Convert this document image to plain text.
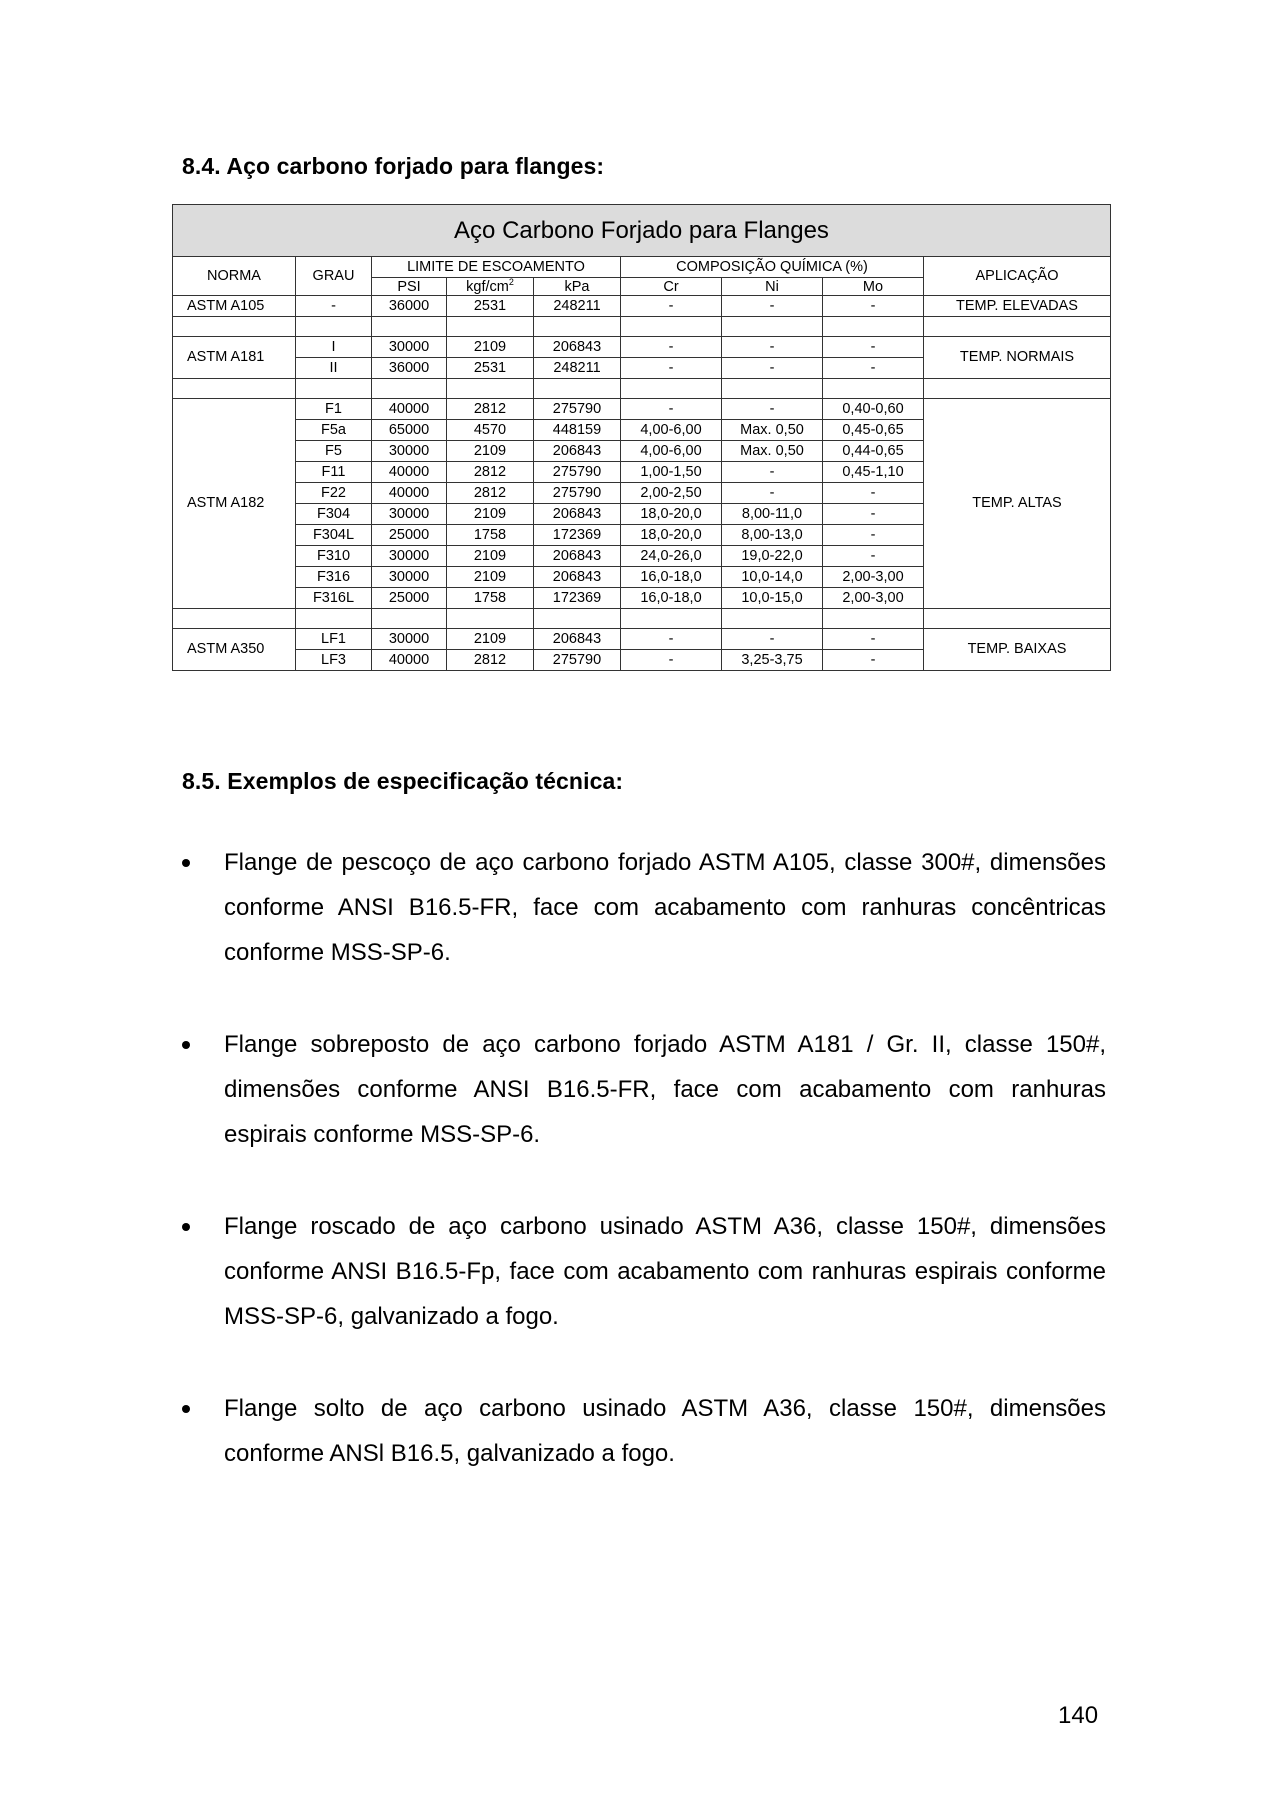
8.4. Aço carbono forjado para flanges:
Aço Carbono Forjado para Flanges								
NORMA	GRAU	LIMITE DE ESCOAMENTO			COMPOSIÇÃO QUÍMICA (%)			APLICAÇÃO
		PSI	kgf/$cm^2$	kPa	Cr	Ni	Mo	
ASTM A105	-	36000	2531	248211	-	-	-	TEMP. ELEVADAS

ASTM A181	I	30000	2109	206843	-	-	-	TEMP. NORMAIS
	II	36000	2531	248211	-	-	-	

ASTM A182	F1	40000	2812	275790	-	-	0,40-0,60	TEMP. ALTAS
	F5a	65000	4570	448159	4,00-6,00	Max. 0,50	0,45-0,65	
	F5	30000	2109	206843	4,00-6,00	Max. 0,50	0,44-0,65	
	F11	40000	2812	275790	1,00-1,50	-	0,45-1,10	
	F22	40000	2812	275790	2,00-2,50	-	-	
	F304	30000	2109	206843	18,0-20,0	8,00-11,0	-	
	F304L	25000	1758	172369	18,0-20,0	8,00-13,0	-	
	F310	30000	2109	206843	24,0-26,0	19,0-22,0	-	
	F316	30000	2109	206843	16,0-18,0	10,0-14,0	2,00-3,00	
	F316L	25000	1758	172369	16,0-18,0	10,0-15,0	2,00-3,00	

ASTM A350	LF1	30000	2109	206843	-	-	-	TEMP. BAIXAS
	LF3	40000	2812	275790	-	3,25-3,75	-	
8.5. Exemplos de especificação técnica:
Flange de pescoço de aço carbono forjado ASTM A105, classe 300#, dimensões conforme ANSI B16.5-FR, face com acabamento com ranhuras concêntricas conforme MSS-SP-6.
Flange sobreposto de aço carbono forjado ASTM A181 / Gr. II, classe 150#, dimensões conforme ANSI B16.5-FR, face com acabamento com ranhuras espirais conforme MSS-SP-6.
Flange roscado de aço carbono usinado ASTM A36, classe 150#, dimensões conforme ANSI B16.5-Fp, face com acabamento com ranhuras espirais conforme MSS-SP-6, galvanizado a fogo.
Flange solto de aço carbono usinado ASTM A36, classe 150#, dimensões conforme ANSl B16.5, galvanizado a fogo.
140
